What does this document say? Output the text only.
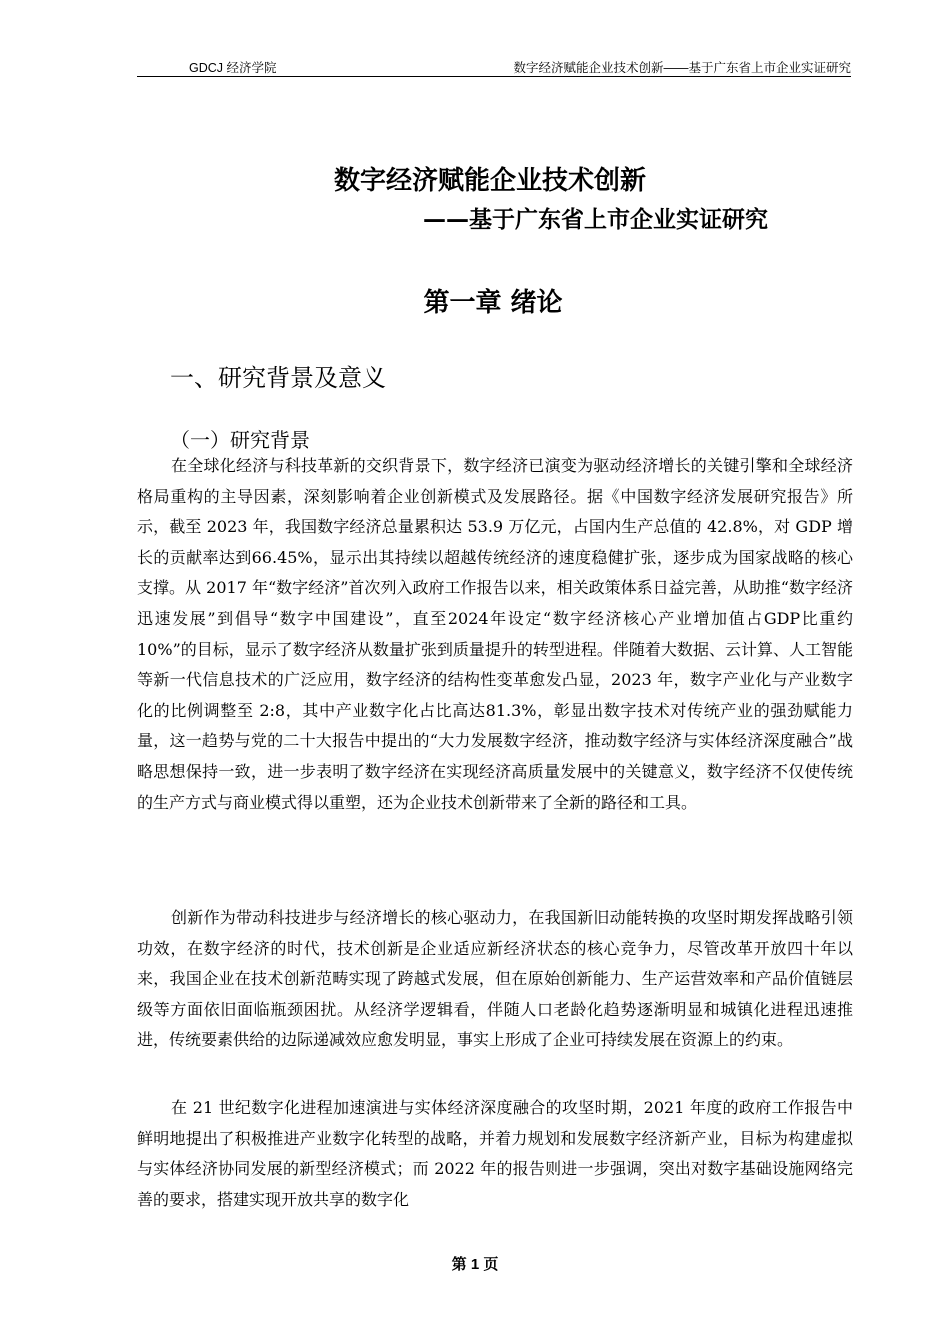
GDCJ 经济学院	数字经济赋能企业技术创新——基于广东省上市企业实证研究
数字经济赋能企业技术创新
——基于广东省上市企业实证研究
第一章 绪论
一、研究背景及意义
（一）研究背景

在全球化经济与科技革新的交织背景下，数字经济已演变为驱动经济增长的关键引擎和全球经济格局重构的主导因素，深刻影响着企业创新模式及发展路径。据《中国数字经济发展研究报告》所示，截至 2023 年，我国数字经济总量累积达 53.9 万亿元，占国内生产总值的 42.8%，对 GDP 增长的贡献率达到66.45%，显示出其持续以超越传统经济的速度稳健扩张，逐步成为国家战略的核心支撑。从 2017 年“数字经济”首次列入政府工作报告以来，相关政策体系日益完善，从助推“数字经济迅速发展”到倡导“数字中国建设”，直至2024年设定“数字经济核心产业增加值占GDP比重约 10%”的目标，显示了数字经济从数量扩张到质量提升的转型进程。伴随着大数据、云计算、人工智能等新一代信息技术的广泛应用，数字经济的结构性变革愈发凸显，2023 年，数字产业化与产业数字化的比例调整至 2:8，其中产业数字化占比高达81.3%，彰显出数字技术对传统产业的强劲赋能力量，这一趋势与党的二十大报告中提出的“大力发展数字经济，推动数字经济与实体经济深度融合”战略思想保持一致，进一步表明了数字经济在实现经济高质量发展中的关键意义，数字经济不仅使传统的生产方式与商业模式得以重塑，还为企业技术创新带来了全新的路径和工具。

创新作为带动科技进步与经济增长的核心驱动力，在我国新旧动能转换的攻坚时期发挥战略引领功效，在数字经济的时代，技术创新是企业适应新经济状态的核心竞争力，尽管改革开放四十年以来，我国企业在技术创新范畴实现了跨越式发展，但在原始创新能力、生产运营效率和产品价值链层级等方面依旧面临瓶颈困扰。从经济学逻辑看，伴随人口老龄化趋势逐渐明显和城镇化进程迅速推进，传统要素供给的边际递减效应愈发明显，事实上形成了企业可持续发展在资源上的约束。

在 21 世纪数字化进程加速演进与实体经济深度融合的攻坚时期，2021 年度的政府工作报告中鲜明地提出了积极推进产业数字化转型的战略，并着力规划和发展数字经济新产业，目标为构建虚拟与实体经济协同发展的新型经济模式；而 2022 年的报告则进一步强调，突出对数字基础设施网络完善的要求，搭建实现开放共享的数字化

第 1 页
